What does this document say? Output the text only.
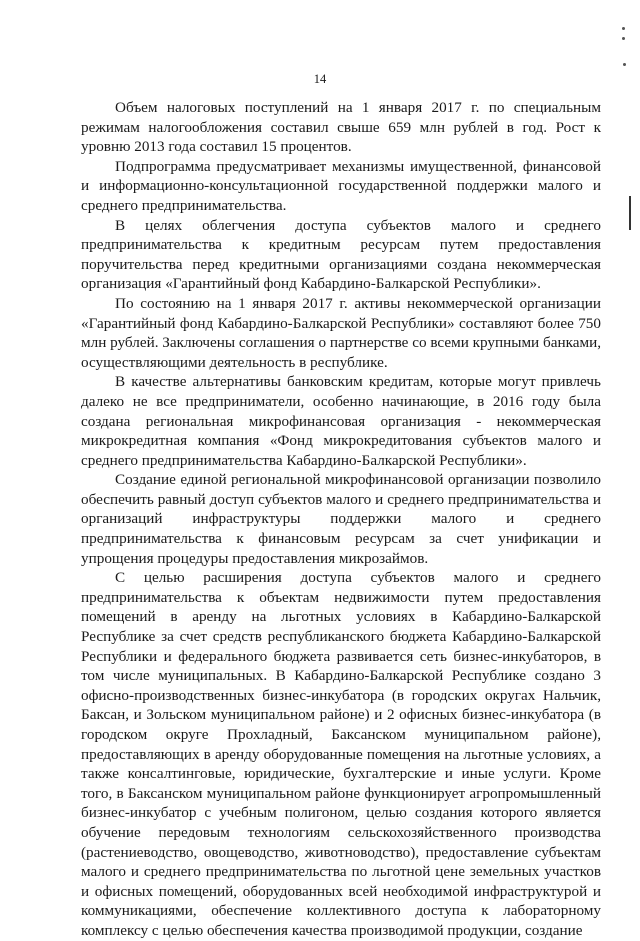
14

Объем налоговых поступлений на 1 января 2017 г. по специальным режимам налогообложения составил свыше 659 млн рублей в год. Рост к уровню 2013 года составил 15 процентов.

Подпрограмма предусматривает механизмы имущественной, финансовой и информационно-консультационной государственной поддержки малого и среднего предпринимательства.

В целях облегчения доступа субъектов малого и среднего предпринимательства к кредитным ресурсам путем предоставления поручительства перед кредитными организациями создана некоммерческая организация «Гарантийный фонд Кабардино-Балкарской Республики».

По состоянию на 1 января 2017 г. активы некоммерческой организации «Гарантийный фонд Кабардино-Балкарской Республики» составляют более 750 млн рублей. Заключены соглашения о партнерстве со всеми крупными банками, осуществляющими деятельность в республике.

В качестве альтернативы банковским кредитам, которые могут привлечь далеко не все предприниматели, особенно начинающие, в 2016 году была создана региональная микрофинансовая организация - некоммерческая микрокредитная компания «Фонд микрокредитования субъектов малого и среднего предпринимательства Кабардино-Балкарской Республики».

Создание единой региональной микрофинансовой организации позволило обеспечить равный доступ субъектов малого и среднего предпринимательства и организаций инфраструктуры поддержки малого и среднего предпринимательства к финансовым ресурсам за счет унификации и упрощения процедуры предоставления микрозаймов.

С целью расширения доступа субъектов малого и среднего предпринимательства к объектам недвижимости путем предоставления помещений в аренду на льготных условиях в Кабардино-Балкарской Республике за счет средств республиканского бюджета Кабардино-Балкарской Республики и федерального бюджета развивается сеть бизнес-инкубаторов, в том числе муниципальных. В Кабардино-Балкарской Республике создано 3 офисно-производственных бизнес-инкубатора (в городских округах Нальчик, Баксан, и Зольском муниципальном районе) и 2 офисных бизнес-инкубатора (в городском округе Прохладный, Баксанском муниципальном районе), предоставляющих в аренду оборудованные помещения на льготные условиях, а также консалтинговые, юридические, бухгалтерские и иные услуги. Кроме того, в Баксанском муниципальном районе функционирует агропромышленный бизнес-инкубатор с учебным полигоном, целью создания которого является обучение передовым технологиям сельскохозяйственного производства (растениеводство, овощеводство, животноводство), предоставление субъектам малого и среднего предпринимательства по льготной цене земельных участков и офисных помещений, оборудованных всей необходимой инфраструктурой и коммуникациями, обеспечение коллективного доступа к лабораторному комплексу с целью обеспечения качества производимой продукции, создание
